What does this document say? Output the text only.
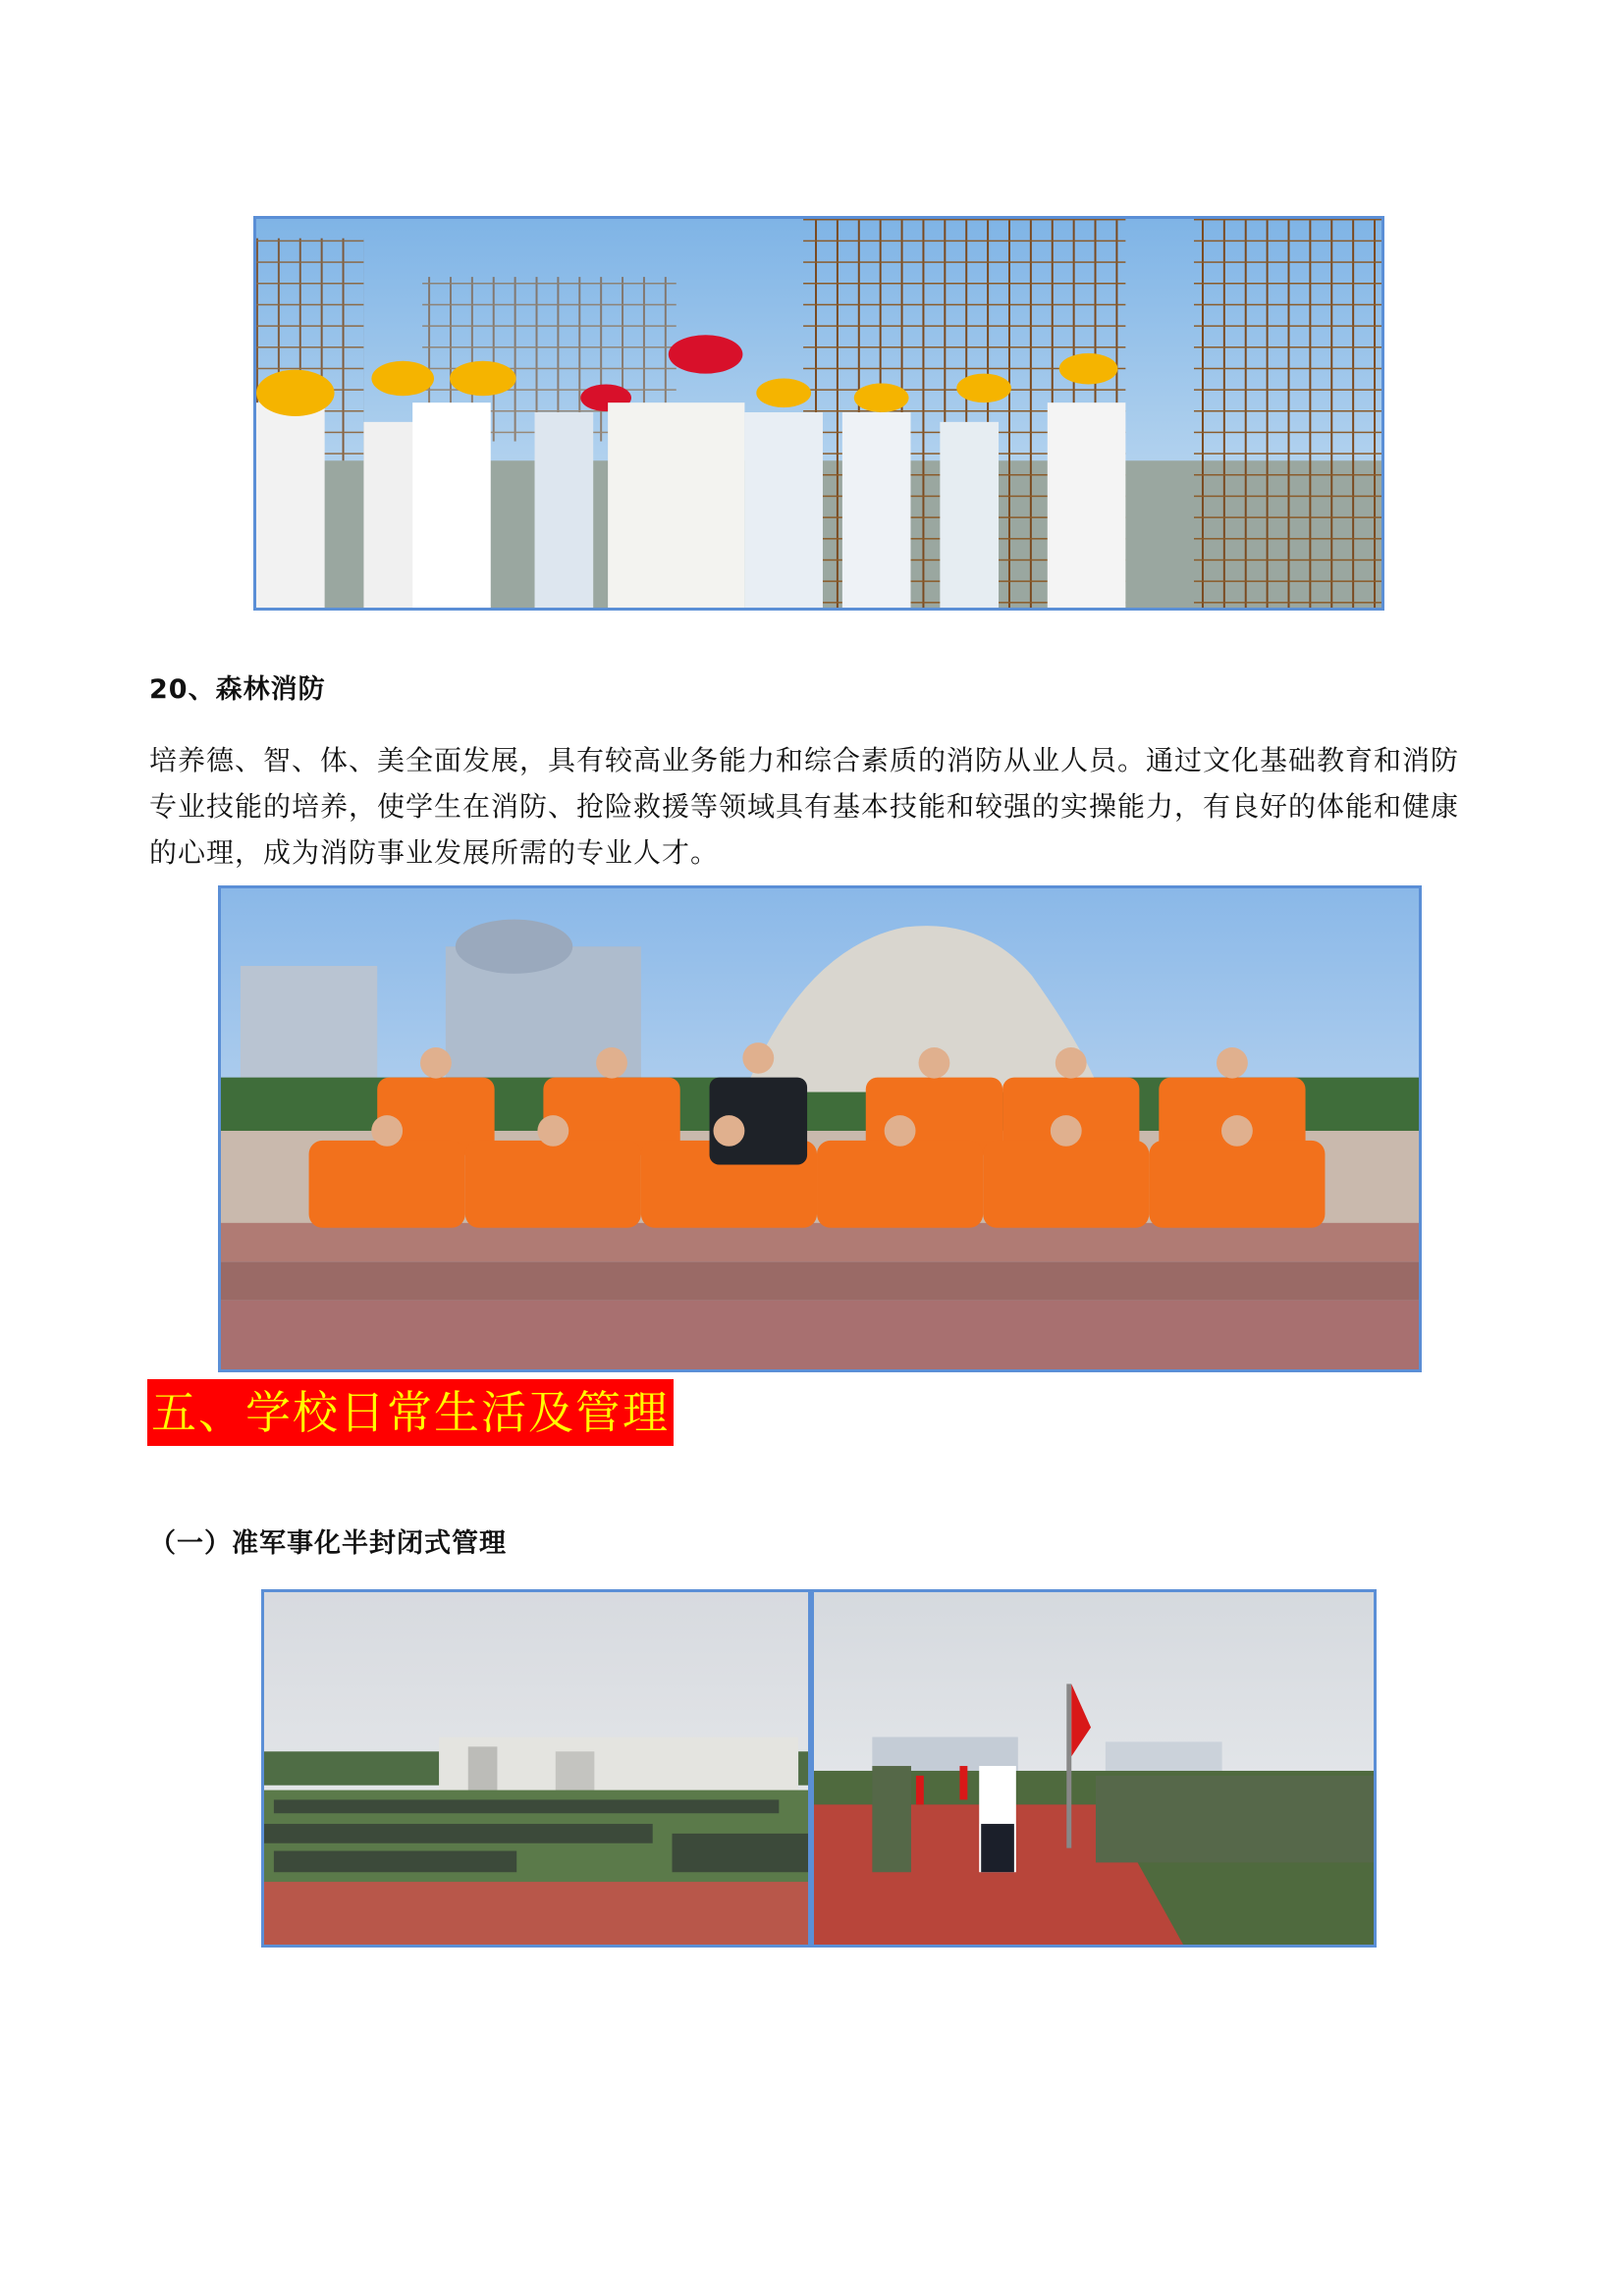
20、森林消防

培养德、智、体、美全面发展，具有较高业务能力和综合素质的消防从业人员。通过文化基础教育和消防专业技能的培养，使学生在消防、抢险救援等领域具有基本技能和较强的实操能力，有良好的体能和健康的心理，成为消防事业发展所需的专业人才。

五、学校日常生活及管理
（一）准军事化半封闭式管理
